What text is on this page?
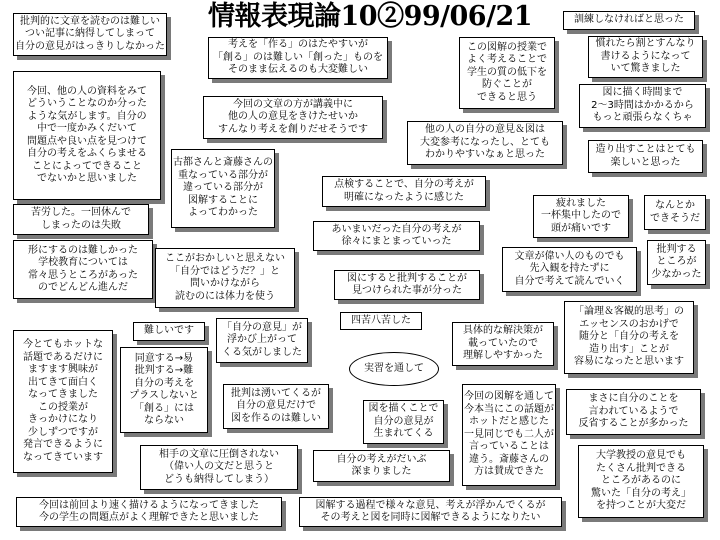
情報表現論10②99/06/21
批判的に文章を読むのは難しい
つい記事に納得してしまって
自分の意見がはっきりしなかった	考えを「作る」のはたやすいが
「創る」のは難しい「創った」ものを
そのまま伝えるのも大変難しい
この図解の授業で
よく考えることで
学生の質の低下を
防ぐことが
できると思う
訓練しなければと思った
慣れたら割とすんなり
書けるようになって
いて驚きました
今回、他の人の資料をみて
どういうことなのか分った
ような気がします。自分の
中で一度かみくだいて
問題点や良い点を見つけて
自分の考えをふくらませる
ことによってできること
でないかと思いました
今回の文章の方が講義中に
他の人の意見をきけたせいか
すんなり考えを創りだせそうです
図に描く時間まで
2～3時間はかかるから
もっと頑張らなくちゃ
他の人の自分の意見＆図は
大変参考になったし、とても
わかりやすいなぁと思った
古都さんと斎藤さんの
重なっている部分が
違っている部分が
図解することに
よってわかった
造り出すことはとても
楽しいと思った
点検することで、自分の考えが
明確になったように感じた
疲れました
一杯集中したので
頭が痛いです
なんとか
できそうだ
苦労した。一回休んで
しまったのは失敗	あいまいだった自分の考えが
徐々にまとまっていった
形にするのは難しかった
学校教育については
常々思うところがあった
のでどんどん進んだ
ここがおかしいと思えない
「自分ではどうだ？」と
問いかけながら
読むのには体力を使う
文章が偉い人のものでも
先入観を持たずに
自分で考えて読んでいく
批判する
ところが
少なかった
図にすると批判することが
見つけられた事が分った
「論理＆客観的思考」の
エッセンスのおかげで
随分と「自分の考えを
造り出す」ことが
容易になったと思います
四苦八苦した
具体的な解決策が
載っていたので
理解しやすかった
今とてもホットな
話題であるだけに
ますます興味が
出てきて面白く
なってきました
この授業が
きっかけになり
少しずつですが
発言できるように
なってきています
難しいです	「自分の意見」が
浮かび上がって
くる気がしました
同意する→易
批判する→難
自分の考えを
プラスしないと
「創る」には
ならない
実習を通して
今回の図解を通して
今本当にこの話題が
ホットだと感じた
一見同じでも二人が
言っていることは
違う。斎藤さんの
方は賛成できた
批判は湧いてくるが
自分の意見だけで
図を作るのは難しい
まさに自分のことを
言われているようで
反省することが多かった
図を描くことで
自分の意見が
生まれてくる
相手の文章に圧倒されない
（偉い人の文だと思うと
どうも納得してしまう）
自分の考えがだいぶ
深まりました
大学教授の意見でも
たくさん批判できる
ところがあるのに
驚いた「自分の考え」
を持つことが大変だ
今回は前回より速く描けるようになってきました
今の学生の問題点がよく理解できたと思いました
図解する過程で様々な意見、考えが浮かんでくるが
その考えと図を同時に図解できるようになりたい
